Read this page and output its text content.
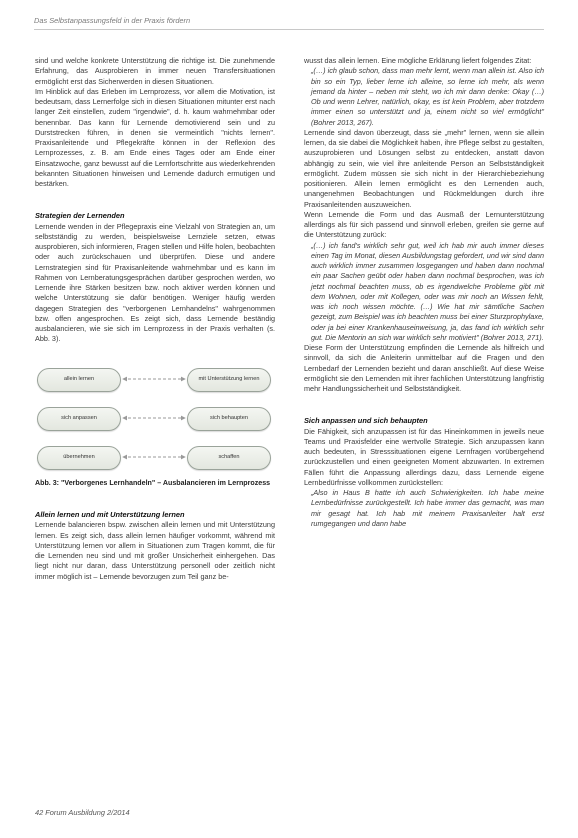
Das Selbstanpassungsfeld in der Praxis fördern

sind und welche konkrete Unterstützung die richtige ist. Die zunehmende Erfahrung, das Ausprobieren in immer neuen Transfersituationen ermöglicht erst das Sicherwerden in diesen Situationen.

Im Hinblick auf das Erleben im Lernprozess, vor allem die Motivation, ist bedeutsam, dass Lernerfolge sich in diesen Situationen mitunter erst nach langer Zeit einstellen, zudem "irgendwie", d. h. kaum wahrnehmbar oder benennbar. Das kann für Lernende demotivierend sein und zu Durststrecken führen, in denen sie vermeintlich "nichts lernen". Praxisanleitende und Pflegekräfte können in der Reflexion des Lernprozesses, z. B. am Ende eines Tages oder am Ende einer Einsatzwoche, ganz bewusst auf die Lernfortschritte aus wiederkehrenden bekannten Situationen hinweisen und Lernende dadurch ermutigen und bestärken.

Strategien der Lernenden

Lernende wenden in der Pflegepraxis eine Vielzahl von Strategien an, um selbstständig zu werden, beispielsweise Lernziele setzen, etwas ausprobieren, sich informieren, Fragen stellen und Hilfe holen, beobachten oder auch zurückschauen und überprüfen. Diese und andere Lernstrategien sind für Praxisanleitende wahrnehmbar und es kann im Rahmen von Lernberatungsgesprächen darüber gesprochen werden, wo Lernende ihre Stärken besitzen bzw. noch aktiver werden können und welche Unterstützung sie dafür benötigen. Weniger häufig werden dagegen Strategien des "verborgenen Lernhandelns" wahrgenommen bzw. offen angesprochen. Es zeigt sich, dass Lernende beständig ausbalancieren, wie sie sich im Lernprozess in der Praxis verhalten (s. Abb. 3).

allein lernen	mit Unterstützung lernen
sich anpassen	sich behaupten
übernehmen	schaffen

Abb. 3: "Verborgenes Lernhandeln" – Ausbalancieren im Lernprozess

Allein lernen und mit Unterstützung lernen

Lernende balancieren bspw. zwischen allein lernen und mit Unterstützung lernen. Es zeigt sich, dass allein lernen häufiger vorkommt, während mit Unterstützung lernen vor allem in Situationen zum Tragen kommt, die für die Lernenden neu sind und mit großer Unsicherheit einhergehen. Das liegt nicht nur daran, dass Unterstützung personell oder zeitlich nicht immer möglich ist – Lernende bevorzugen zum Teil ganz be-

wusst das allein lernen. Eine mögliche Erklärung liefert folgendes Zitat:

„(…) ich glaub schon, dass man mehr lernt, wenn man allein ist. Also ich bin so ein Typ, lieber lerne ich alleine, so lerne ich mehr, als wenn jemand da hinter – neben mir steht, wo ich mir dann denke: Okay (…) Ob und wenn Lehrer, natürlich, okay, es ist kein Problem, aber trotzdem immer einen so unterstützt und ja, einem nicht so viel ermöglicht" (Bohrer 2013, 267).

Lernende sind davon überzeugt, dass sie „mehr" lernen, wenn sie allein lernen, da sie dabei die Möglichkeit haben, ihre Pflege selbst zu gestalten, auszuprobieren und Lösungen selbst zu entdecken, anstatt davon abhängig zu sein, wie viel ihre anleitende Person an Selbstständigkeit ermöglicht. Zudem müssen sie sich nicht in der Hierarchiebeziehung positionieren. Allein lernen ermöglicht es den Lernenden auch, unangenehmen Beobachtungen und Rückmeldungen durch ihre Praxisanleitenden auszuweichen.

Wenn Lernende die Form und das Ausmaß der Lernunterstützung allerdings als für sich passend und sinnvoll erleben, greifen sie gerne auf die Unterstützung zurück:

„(…) ich fand's wirklich sehr gut, weil ich hab mir auch immer dieses einen Tag im Monat, diesen Ausbildungstag gefordert, und wir sind dann auch wirklich immer zusammen losgegangen und haben dann nochmal ein paar Sachen geübt oder haben dann nochmal besprochen, was ich jetzt nochmal beachten muss, ob es irgendwelche Probleme gibt mit dem Wohnen, oder mit Kollegen, oder was mir noch an Wissen fehlt, was ich noch wissen möchte. (…) Wie hat mir sämtliche Sachen gezeigt, zum Beispiel was ich beachten muss bei einer Sturzprophylaxe, oder ja bei einer Krankenhauseinweisung, ja, das fand ich wirklich sehr gut. Die Mentorin an sich war wirklich sehr motiviert" (Bohrer 2013, 271).

Diese Form der Unterstützung empfinden die Lernende als hilfreich und sinnvoll, da sich die Anleiterin unmittelbar auf die Fragen und den Lernbedarf der Lernenden bezieht und daran anschließt. Auf diese Weise ermöglicht sie den Lernenden mit ihrer fachlichen Unterstützung langfristig mehr Handlungssicherheit und Selbstständigkeit.

Sich anpassen und sich behaupten

Die Fähigkeit, sich anzupassen ist für das Hineinkommen in jeweils neue Teams und Praxisfelder eine wertvolle Strategie. Sich anzupassen kann auch bedeuten, in Stresssituationen eigene Lernfragen vorübergehend zurückzustellen und einen geeigneten Moment abzuwarten. In extremen Fällen führt die Anpassung allerdings dazu, dass Lernende eigene Lernbedürfnisse vollkommen zurückstellen:

„Also in Haus B hatte ich auch Schwierigkeiten. Ich habe meine Lernbedürfnisse zurückgestellt. Ich habe immer das gemacht, was man mir gesagt hat. Ich hab mit meinem Praxisanleiter halt erst rumgegangen und dann habe

42 Forum Ausbildung 2/2014
